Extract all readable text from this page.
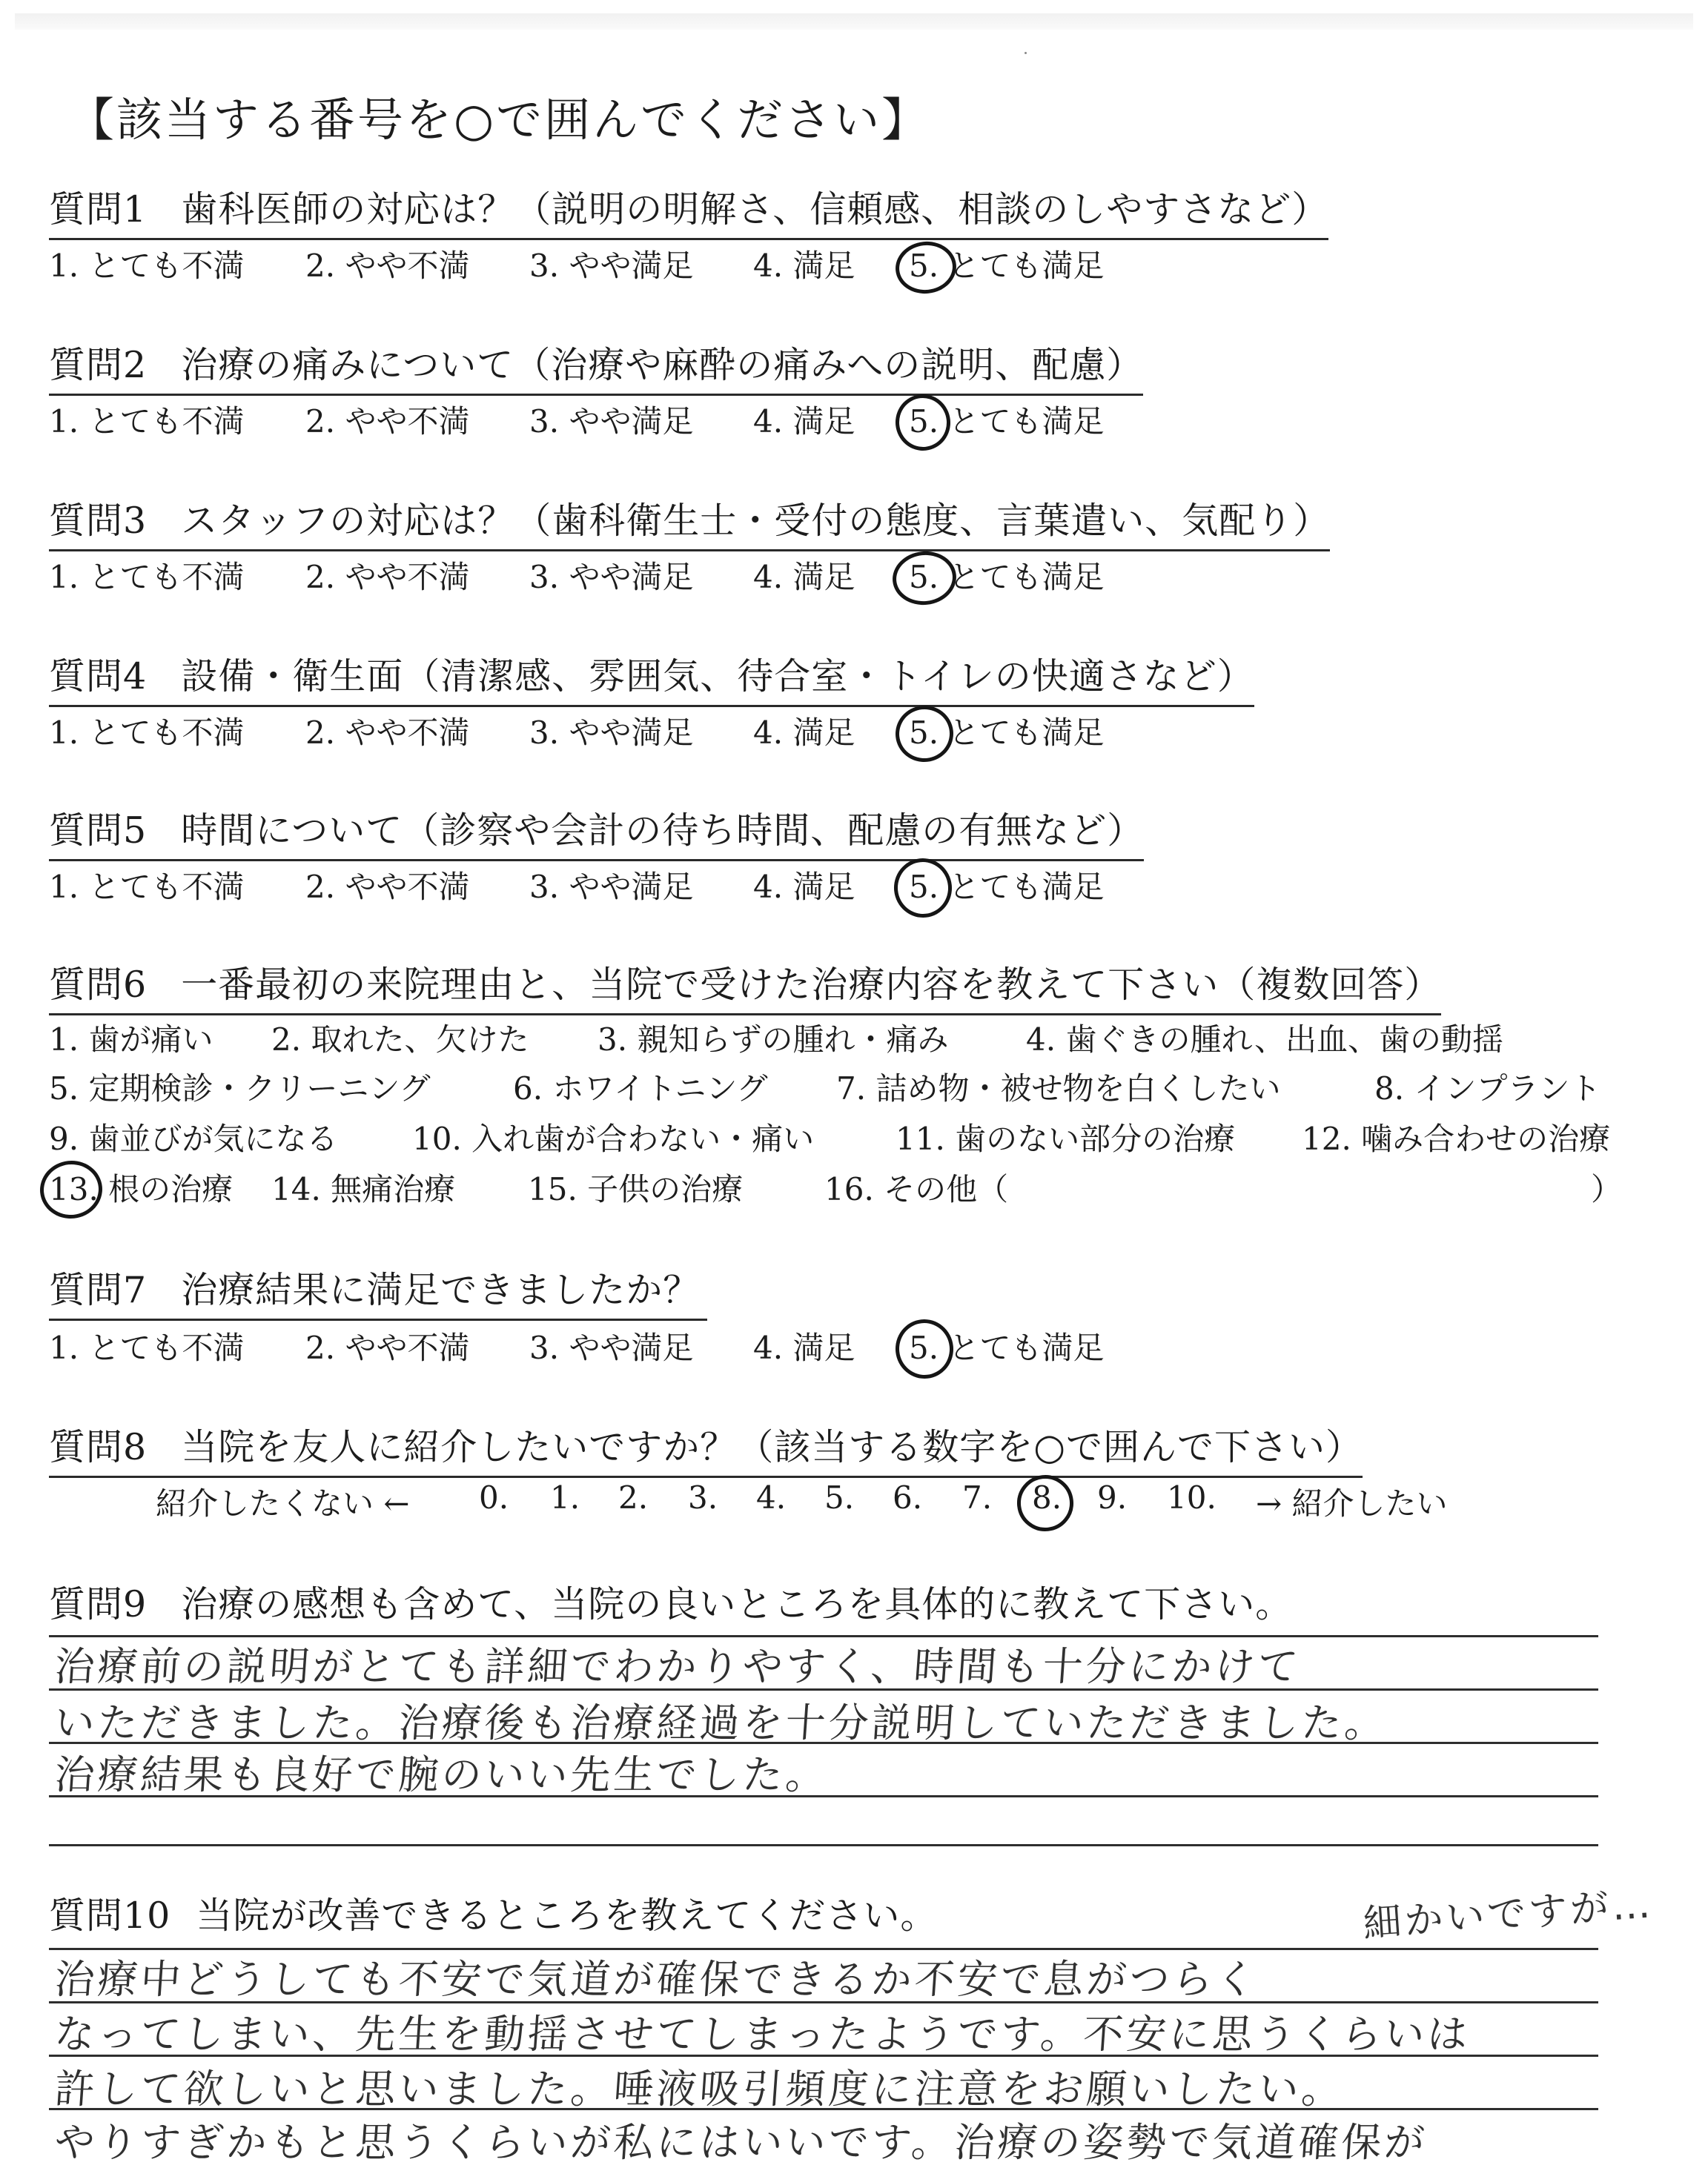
【該当する番号を○で囲んでください】
質問1 歯科医師の対応は？（説明の明解さ、信頼感、相談のしやすさなど）
1. とても不満 2. やや不満 3. やや満足 4. 満足 5. とても満足
質問2 治療の痛みについて（治療や麻酔の痛みへの説明、配慮）
1. とても不満 2. やや不満 3. やや満足 4. 満足 5. とても満足
質問3 スタッフの対応は？（歯科衛生士・受付の態度、言葉遣い、気配り）
1. とても不満 2. やや不満 3. やや満足 4. 満足 5. とても満足
質問4 設備・衛生面（清潔感、雰囲気、待合室・トイレの快適さなど）
1. とても不満 2. やや不満 3. やや満足 4. 満足 5. とても満足
質問5 時間について（診察や会計の待ち時間、配慮の有無など）
1. とても不満 2. やや不満 3. やや満足 4. 満足 5. とても満足
質問6 一番最初の来院理由と、当院で受けた治療内容を教えて下さい（複数回答）
1. 歯が痛い 2. 取れた、欠けた 3. 親知らずの腫れ・痛み 4. 歯ぐきの腫れ、出血、歯の動揺
5. 定期検診・クリーニング	6. ホワイトニング 7. 詰め物・被せ物を白くしたい	8. インプラント
9. 歯並びが気になる 10. 入れ歯が合わない・痛い	11. 歯のない部分の治療 12. 噛み合わせの治療
13. 根の治療 14. 無痛治療 15. 子供の治療	16. その他（	）
質問7 治療結果に満足できましたか？
1. とても不満 2. やや不満 3. やや満足 4. 満足 5. とても満足
質問8 当院を友人に紹介したいですか？（該当する数字を○で囲んで下さい）
紹介したくない ← 0. 1. 2. 3. 4. 5. 6. 7. 8. 9. 10. → 紹介したい
質問9 治療の感想も含めて、当院の良いところを具体的に教えて下さい。
治療前の説明がとても詳細でわかりやすく、時間も十分にかけて
いただきました。治療後も治療経過を十分説明していただきました。
治療結果も良好で腕のいい先生でした。
質問10 当院が改善できるところを教えてください。	細かいですが…
治療中どうしても不安で気道が確保できるか不安で息がつらく
なってしまい、先生を動揺させてしまったようです。不安に思うくらいは
許して欲しいと思いました。唾液吸引頻度に注意をお願いしたい。
やりすぎかもと思うくらいが私にはいいです。治療の姿勢で気道確保が
